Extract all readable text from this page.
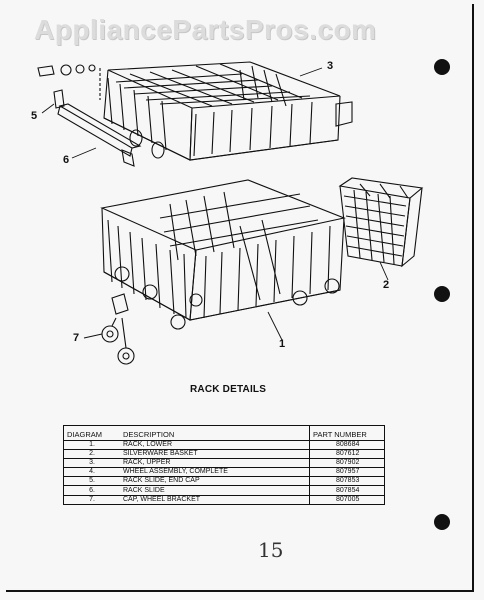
AppliancePartsPros.com
3
5
6
2
7	1
RACK DETAILS
DIAGRAM	DESCRIPTION	PART NUMBER
1.	RACK, LOWER	808684
2.	SILVERWARE BASKET	807612
3.	RACK, UPPER	807902
4.	WHEEL ASSEMBLY, COMPLETE	807957
5.	RACK SLIDE, END CAP	807853
6.	RACK SLIDE	807854
7.	CAP, WHEEL BRACKET	807005
15
